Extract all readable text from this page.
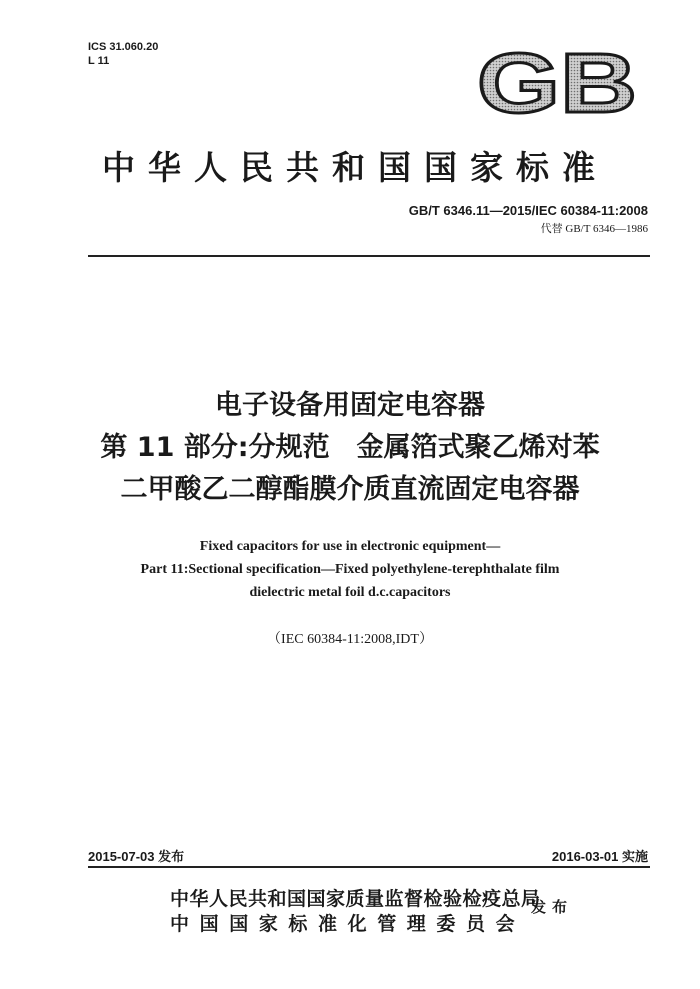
ICS 31.060.20
L 11	GB
中华人民共和国国家标准
GB/T 6346.11—2015/IEC 60384-11:2008
代替 GB/T 6346—1986
电子设备用固定电容器
第 11 部分:分规范　金属箔式聚乙烯对苯
二甲酸乙二醇酯膜介质直流固定电容器
Fixed capacitors for use in electronic equipment—
Part 11:Sectional specification—Fixed polyethylene-terephthalate film
dielectric metal foil d.c.capacitors
（IEC 60384-11:2008,IDT）
2015-07-03 发布	2016-03-01 实施
中华人民共和国国家质量监督检验检疫总局
中国国家标准化管理委员会
发布
